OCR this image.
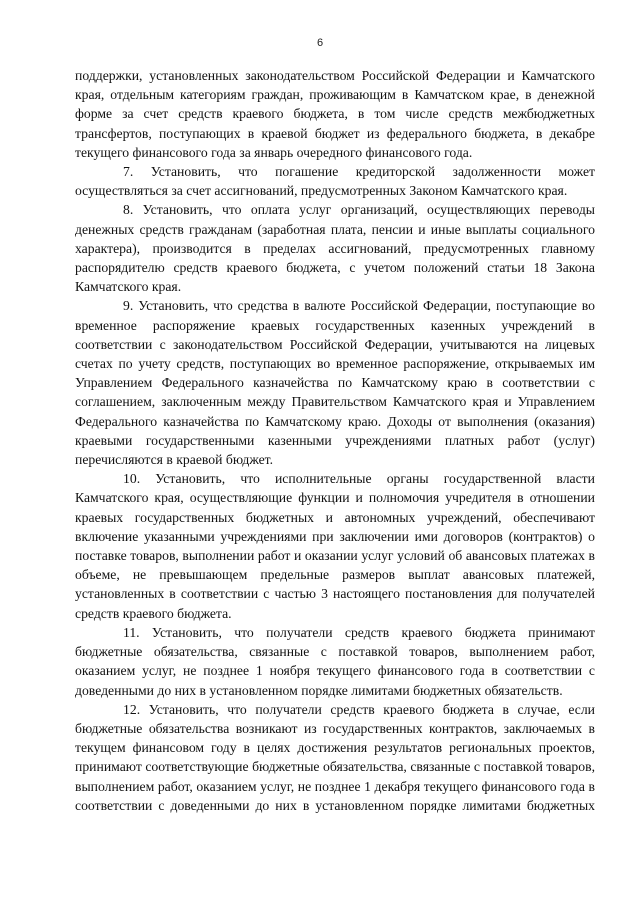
6

поддержки, установленных законодательством Российской Федерации и Камчатского края, отдельным категориям граждан, проживающим в Камчатском крае, в денежной форме за счет средств краевого бюджета, в том числе средств межбюджетных трансфертов, поступающих в краевой бюджет из федерального бюджета, в декабре текущего финансового года за январь очередного финансового года.

7. Установить, что погашение кредиторской задолженности может осуществляться за счет ассигнований, предусмотренных Законом Камчатского края.

8. Установить, что оплата услуг организаций, осуществляющих переводы денежных средств гражданам (заработная плата, пенсии и иные выплаты социального характера), производится в пределах ассигнований, предусмотренных главному распорядителю средств краевого бюджета, с учетом положений статьи 18 Закона Камчатского края.

9. Установить, что средства в валюте Российской Федерации, поступающие во временное распоряжение краевых государственных казенных учреждений в соответствии с законодательством Российской Федерации, учитываются на лицевых счетах по учету средств, поступающих во временное распоряжение, открываемых им Управлением Федерального казначейства по Камчатскому краю в соответствии с соглашением, заключенным между Правительством Камчатского края и Управлением Федерального казначейства по Камчатскому краю. Доходы от выполнения (оказания) краевыми государственными казенными учреждениями платных работ (услуг) перечисляются в краевой бюджет.

10. Установить, что исполнительные органы государственной власти Камчатского края, осуществляющие функции и полномочия учредителя в отношении краевых государственных бюджетных и автономных учреждений, обеспечивают включение указанными учреждениями при заключении ими договоров (контрактов) о поставке товаров, выполнении работ и оказании услуг условий об авансовых платежах в объеме, не превышающем предельные размеров выплат авансовых платежей, установленных в соответствии с частью 3 настоящего постановления для получателей средств краевого бюджета.

11. Установить, что получатели средств краевого бюджета принимают бюджетные обязательства, связанные с поставкой товаров, выполнением работ, оказанием услуг, не позднее 1 ноября текущего финансового года в соответствии с доведенными до них в установленном порядке лимитами бюджетных обязательств.

12. Установить, что получатели средств краевого бюджета в случае, если бюджетные обязательства возникают из государственных контрактов, заключаемых в текущем финансовом году в целях достижения результатов региональных проектов, принимают соответствующие бюджетные обязательства, связанные с поставкой товаров, выполнением работ, оказанием услуг, не позднее 1 декабря текущего финансового года в соответствии с доведенными до них в установленном порядке лимитами бюджетных
